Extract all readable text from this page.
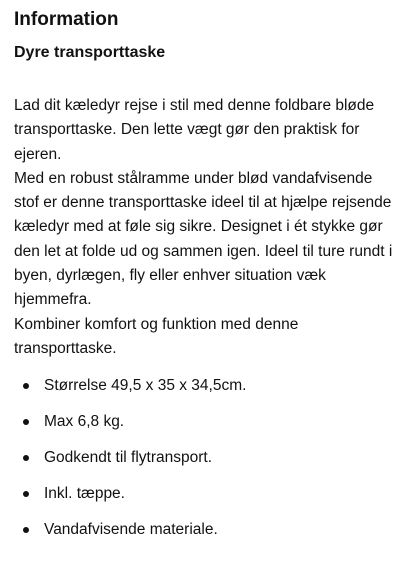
Information
Dyre transporttaske

Lad dit kæledyr rejse i stil med denne foldbare bløde transporttaske. Den lette vægt gør den praktisk for ejeren.

Med en robust stålramme under blød vandafvisende stof er denne transporttaske ideel til at hjælpe rejsende kæledyr med at føle sig sikre. Designet i ét stykke gør den let at folde ud og sammen igen. Ideel til ture rundt i byen, dyrlægen, fly eller enhver situation væk hjemmefra.

Kombiner komfort og funktion med denne transporttaske.

Størrelse 49,5 x 35 x 34,5cm.
Max 6,8 kg.
Godkendt til flytransport.
Inkl. tæppe.
Vandafvisende materiale.
